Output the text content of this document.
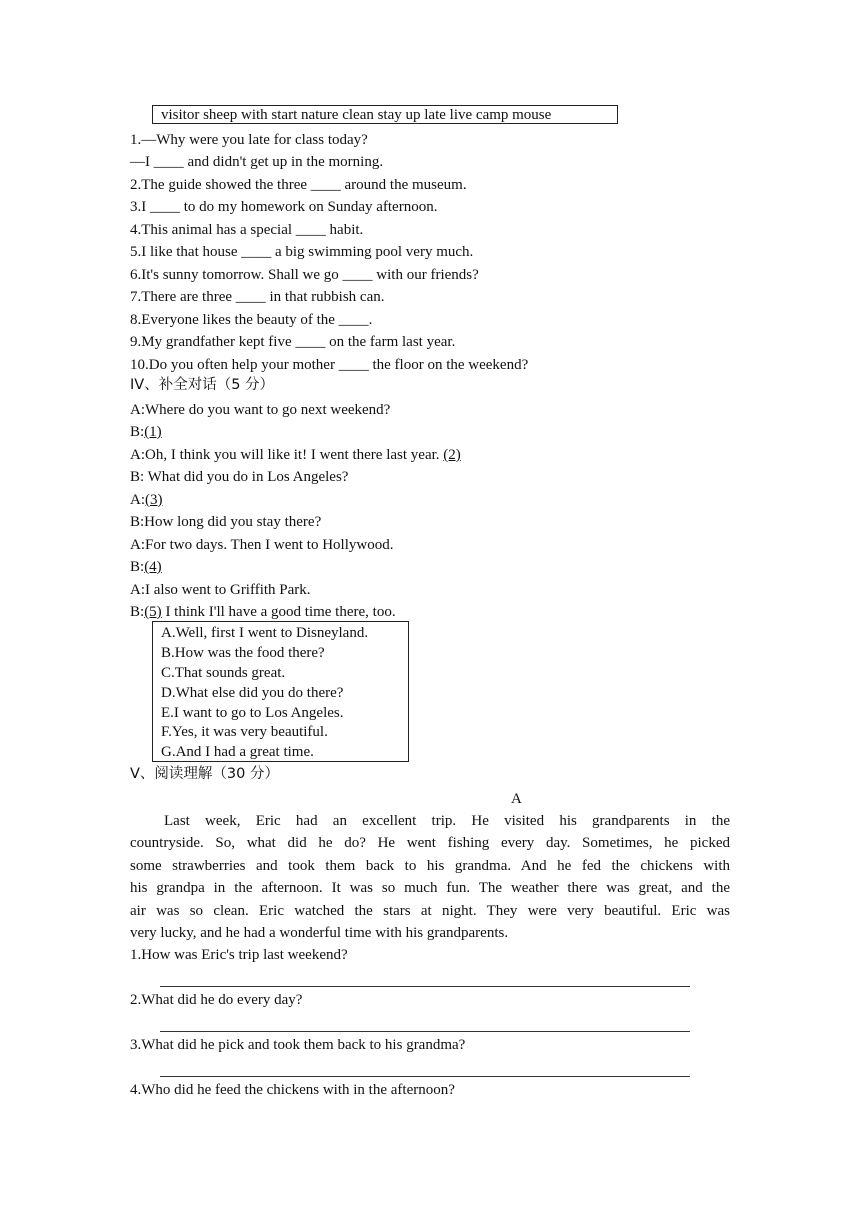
visitor sheep with start nature clean stay up late live camp mouse
1.—Why were you late for class today?
—I ____ and didn't get up in the morning.
2.The guide showed the three ____ around the museum.
3.I ____ to do my homework on Sunday afternoon.
4.This animal has a special ____ habit.
5.I like that house ____ a big swimming pool very much.
6.It's sunny tomorrow. Shall we go ____ with our friends?
7.There are three ____ in that rubbish can.
8.Everyone likes the beauty of the ____.
9.My grandfather kept five ____ on the farm last year.
10.Do you often help your mother ____ the floor on the weekend?
IV、补全对话（5 分）
A:Where do you want to go next weekend?
B:(1)
A:Oh, I think you will like it! I went there last year. (2)
B: What did you do in Los Angeles?
A:(3)
B:How long did you stay there?
A:For two days. Then I went to Hollywood.
B:(4)
A:I also went to Griffith Park.
B:(5) I think I'll have a good time there, too.
A.Well, first I went to Disneyland.
B.How was the food there?
C.That sounds great.
D.What else did you do there?
E.I want to go to Los Angeles.
F.Yes, it was very beautiful.
G.And I had a great time.
V、阅读理解（30 分）
A
Last week, Eric had an excellent trip. He visited his grandparents in the
countryside. So, what did he do? He went fishing every day. Sometimes, he picked
some strawberries and took them back to his grandma. And he fed the chickens with
his grandpa in the afternoon. It was so much fun. The weather there was great, and the
air was so clean. Eric watched the stars at night. They were very beautiful. Eric was
very lucky, and he had a wonderful time with his grandparents.
1.How was Eric's trip last weekend?
2.What did he do every day?
3.What did he pick and took them back to his grandma?
4.Who did he feed the chickens with in the afternoon?
